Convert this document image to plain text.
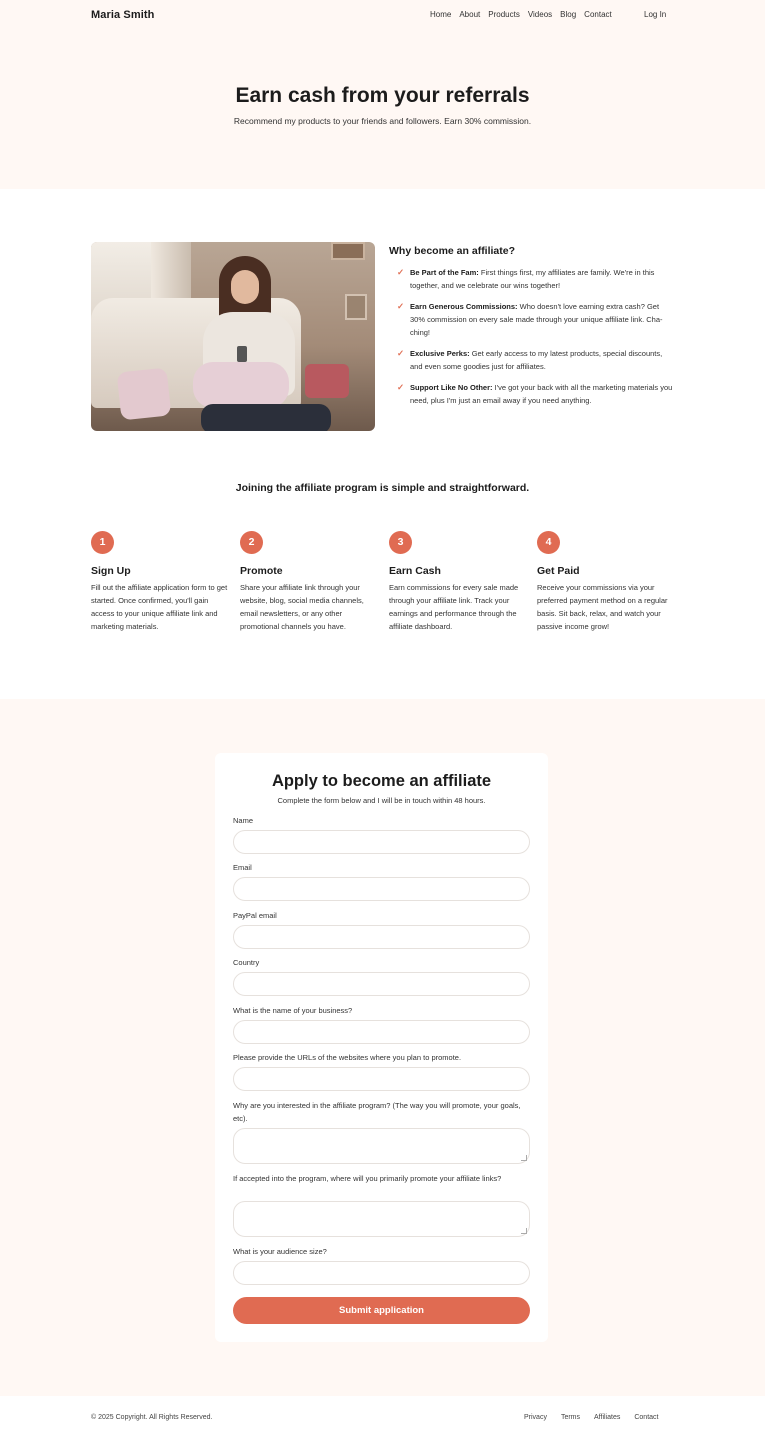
Maria Smith	Home About Products Videos Blog Contact	Log In
Earn cash from your referrals
Recommend my products to your friends and followers. Earn 30% commission.
Why become an affiliate?
✓ Be Part of the Fam: First things first, my affiliates are family. We're in this together, and we celebrate our wins together!
✓ Earn Generous Commissions: Who doesn't love earning extra cash? Get 30% commission on every sale made through your unique affiliate link. Cha-ching!
✓ Exclusive Perks: Get early access to my latest products, special discounts, and even some goodies just for affiliates.
✓ Support Like No Other: I've got your back with all the marketing materials you need, plus I'm just an email away if you need anything.
Joining the affiliate program is simple and straightforward.
1
Sign Up
Fill out the affiliate application form to get started. Once confirmed, you'll gain access to your unique affiliate link and marketing materials.
2
Promote
Share your affiliate link through your website, blog, social media channels, email newsletters, or any other promotional channels you have.
3
Earn Cash
Earn commissions for every sale made through your affiliate link. Track your earnings and performance through the affiliate dashboard.
4
Get Paid
Receive your commissions via your preferred payment method on a regular basis. Sit back, relax, and watch your passive income grow!
Apply to become an affiliate
Complete the form below and I will be in touch within 48 hours.
Name
Email
PayPal email
Country
What is the name of your business?
Please provide the URLs of the websites where you plan to promote.
Why are you interested in the affiliate program? (The way you will promote, your goals, etc).
If accepted into the program, where will you primarily promote your affiliate links?
What is your audience size?
Submit application
© 2025 Copyright. All Rights Reserved.	Privacy Terms Affiliates Contact
